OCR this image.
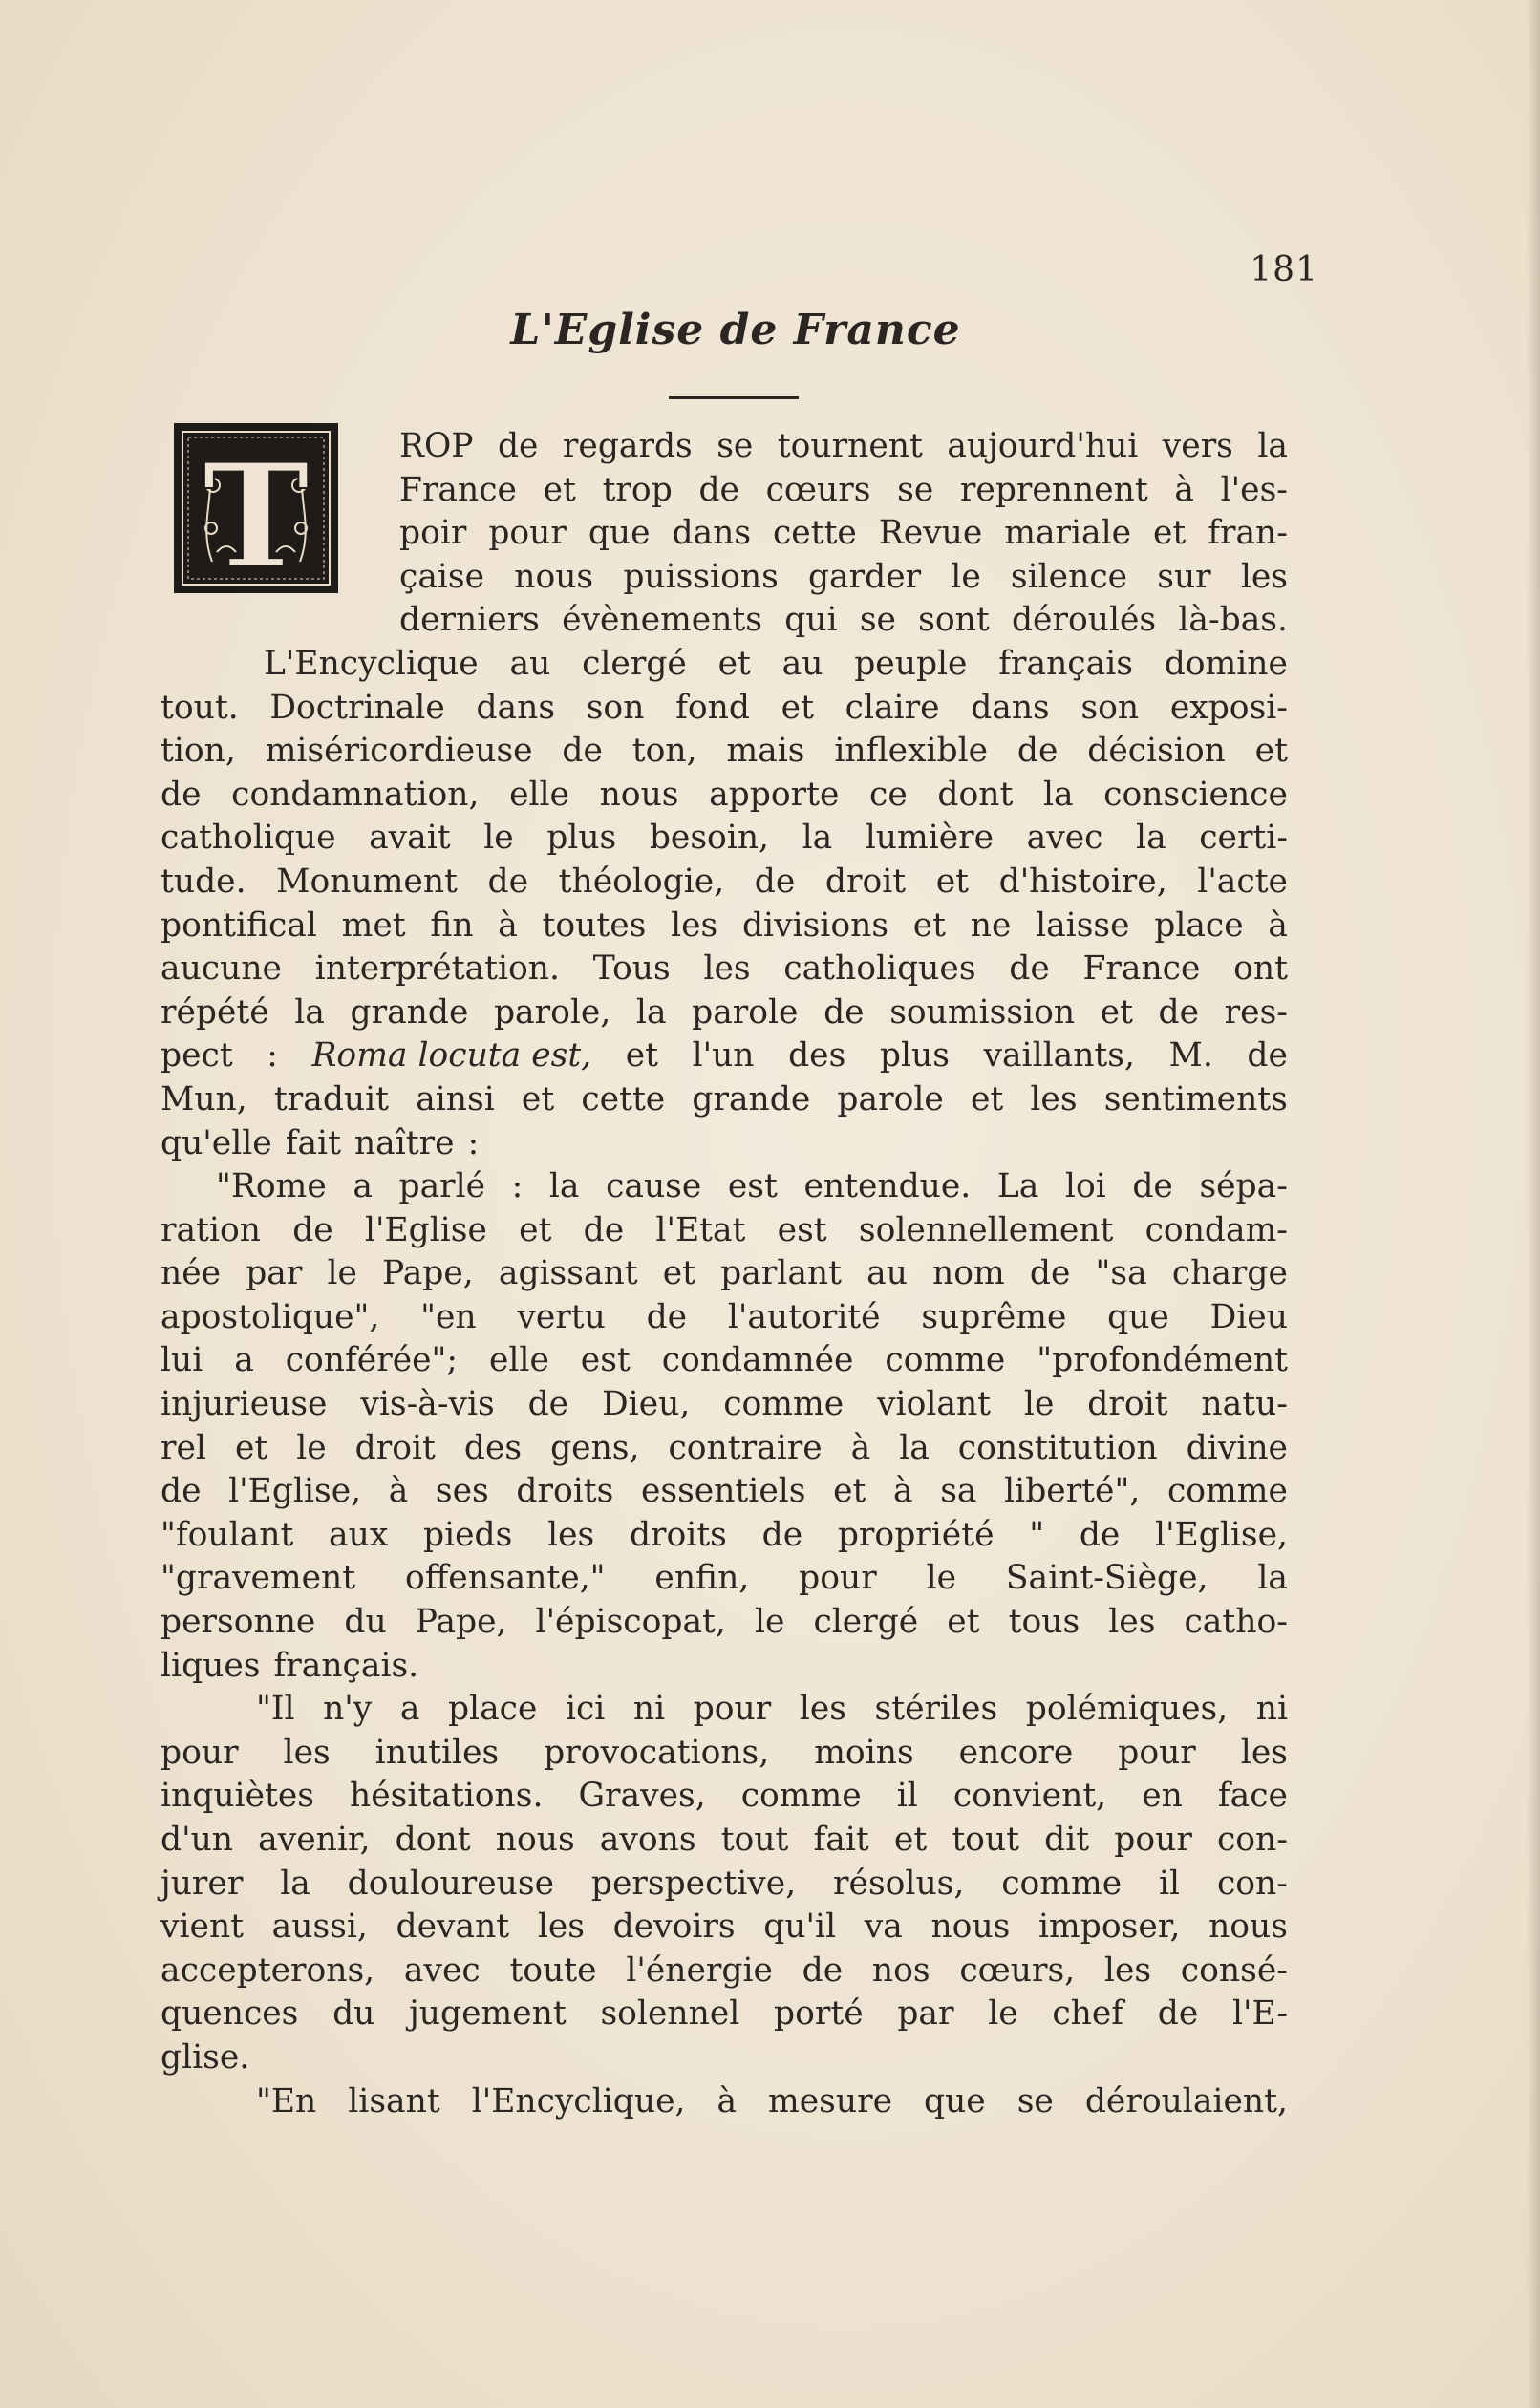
181
L'Eglise de France
T	ROP de regards se tournent aujourd'hui vers la
France et trop de cœurs se reprennent à l'es-
poir pour que dans cette Revue mariale et fran-
çaise nous puissions garder le silence sur les
derniers évènements qui se sont déroulés là-bas.
L'Encyclique au clergé et au peuple français domine
tout. Doctrinale dans son fond et claire dans son exposi-
tion, miséricordieuse de ton, mais inflexible de décision et
de condamnation, elle nous apporte ce dont la conscience
catholique avait le plus besoin, la lumière avec la certi-
tude. Monument de théologie, de droit et d'histoire, l'acte
pontifical met fin à toutes les divisions et ne laisse place à
aucune interprétation. Tous les catholiques de France ont
répété la grande parole, la parole de soumission et de res-
pect : Roma locuta est, et l'un des plus vaillants, M. de
Mun, traduit ainsi et cette grande parole et les sentiments
qu'elle fait naître :
"Rome a parlé : la cause est entendue. La loi de sépa-
ration de l'Eglise et de l'Etat est solennellement condam-
née par le Pape, agissant et parlant au nom de "sa charge
apostolique", "en vertu de l'autorité suprême que Dieu
lui a conférée"; elle est condamnée comme "profondément
injurieuse vis-à-vis de Dieu, comme violant le droit natu-
rel et le droit des gens, contraire à la constitution divine
de l'Eglise, à ses droits essentiels et à sa liberté", comme
"foulant aux pieds les droits de propriété " de l'Eglise,
"gravement offensante," enfin, pour le Saint-Siège, la
personne du Pape, l'épiscopat, le clergé et tous les catho-
liques français.
"Il n'y a place ici ni pour les stériles polémiques, ni
pour les inutiles provocations, moins encore pour les
inquiètes hésitations. Graves, comme il convient, en face
d'un avenir, dont nous avons tout fait et tout dit pour con-
jurer la douloureuse perspective, résolus, comme il con-
vient aussi, devant les devoirs qu'il va nous imposer, nous
accepterons, avec toute l'énergie de nos cœurs, les consé-
quences du jugement solennel porté par le chef de l'E-
glise.
"En lisant l'Encyclique, à mesure que se déroulaient,
